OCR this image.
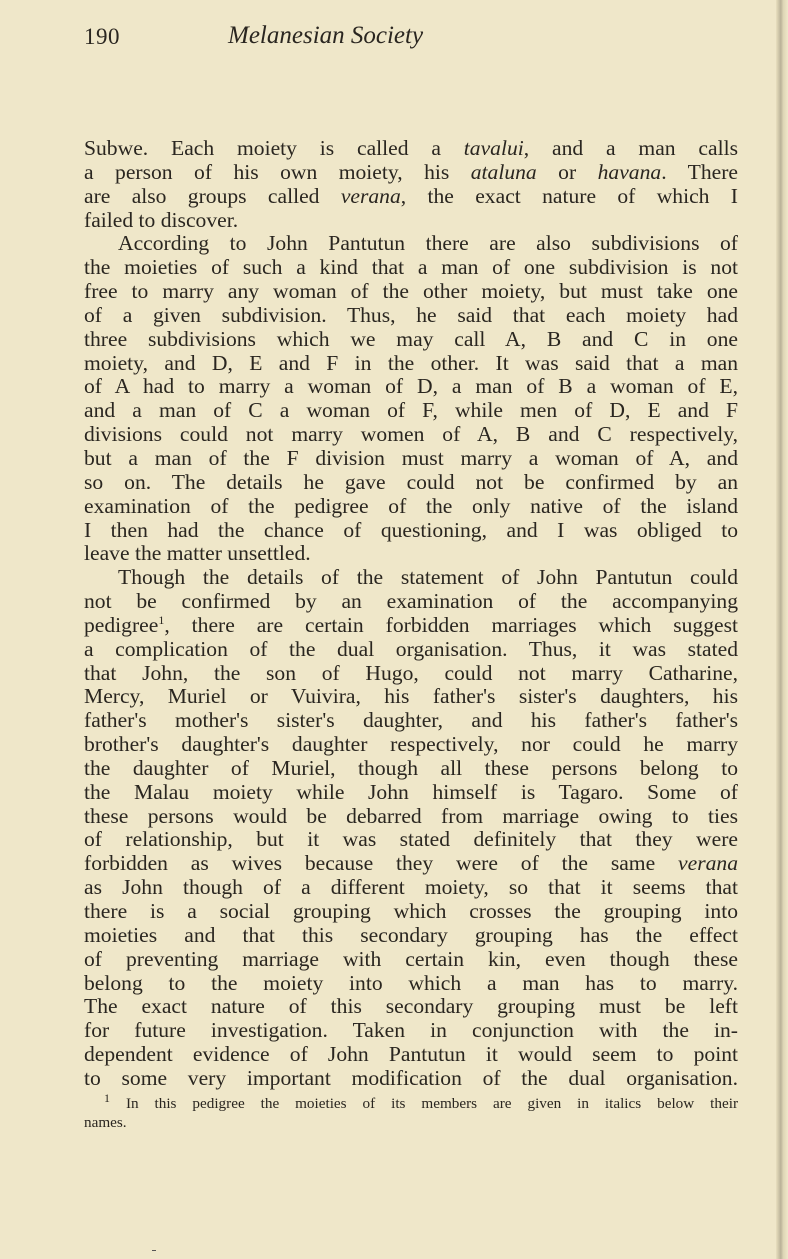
190	Melanesian Society
Subwe. Each moiety is called a tavalui, and a man calls
a person of his own moiety, his ataluna or havana. There
are also groups called verana, the exact nature of which I
failed to discover.
According to John Pantutun there are also subdivisions of
the moieties of such a kind that a man of one subdivision is not
free to marry any woman of the other moiety, but must take one
of a given subdivision. Thus, he said that each moiety had
three subdivisions which we may call A, B and C in one
moiety, and D, E and F in the other. It was said that a man
of A had to marry a woman of D, a man of B a woman of E,
and a man of C a woman of F, while men of D, E and F
divisions could not marry women of A, B and C respectively,
but a man of the F division must marry a woman of A, and
so on. The details he gave could not be confirmed by an
examination of the pedigree of the only native of the island
I then had the chance of questioning, and I was obliged to
leave the matter unsettled.
Though the details of the statement of John Pantutun could
not be confirmed by an examination of the accompanying
pedigree$^1$, there are certain forbidden marriages which suggest
a complication of the dual organisation. Thus, it was stated
that John, the son of Hugo, could not marry Catharine,
Mercy, Muriel or Vuivira, his father's sister's daughters, his
father's mother's sister's daughter, and his father's father's
brother's daughter's daughter respectively, nor could he marry
the daughter of Muriel, though all these persons belong to
the Malau moiety while John himself is Tagaro. Some of
these persons would be debarred from marriage owing to ties
of relationship, but it was stated definitely that they were
forbidden as wives because they were of the same verana
as John though of a different moiety, so that it seems that
there is a social grouping which crosses the grouping into
moieties and that this secondary grouping has the effect
of preventing marriage with certain kin, even though these
belong to the moiety into which a man has to marry.
The exact nature of this secondary grouping must be left
for future investigation. Taken in conjunction with the in-
dependent evidence of John Pantutun it would seem to point
to some very important modification of the dual organisation.
$^1$ In this pedigree the moieties of its members are given in italics below their
names.
